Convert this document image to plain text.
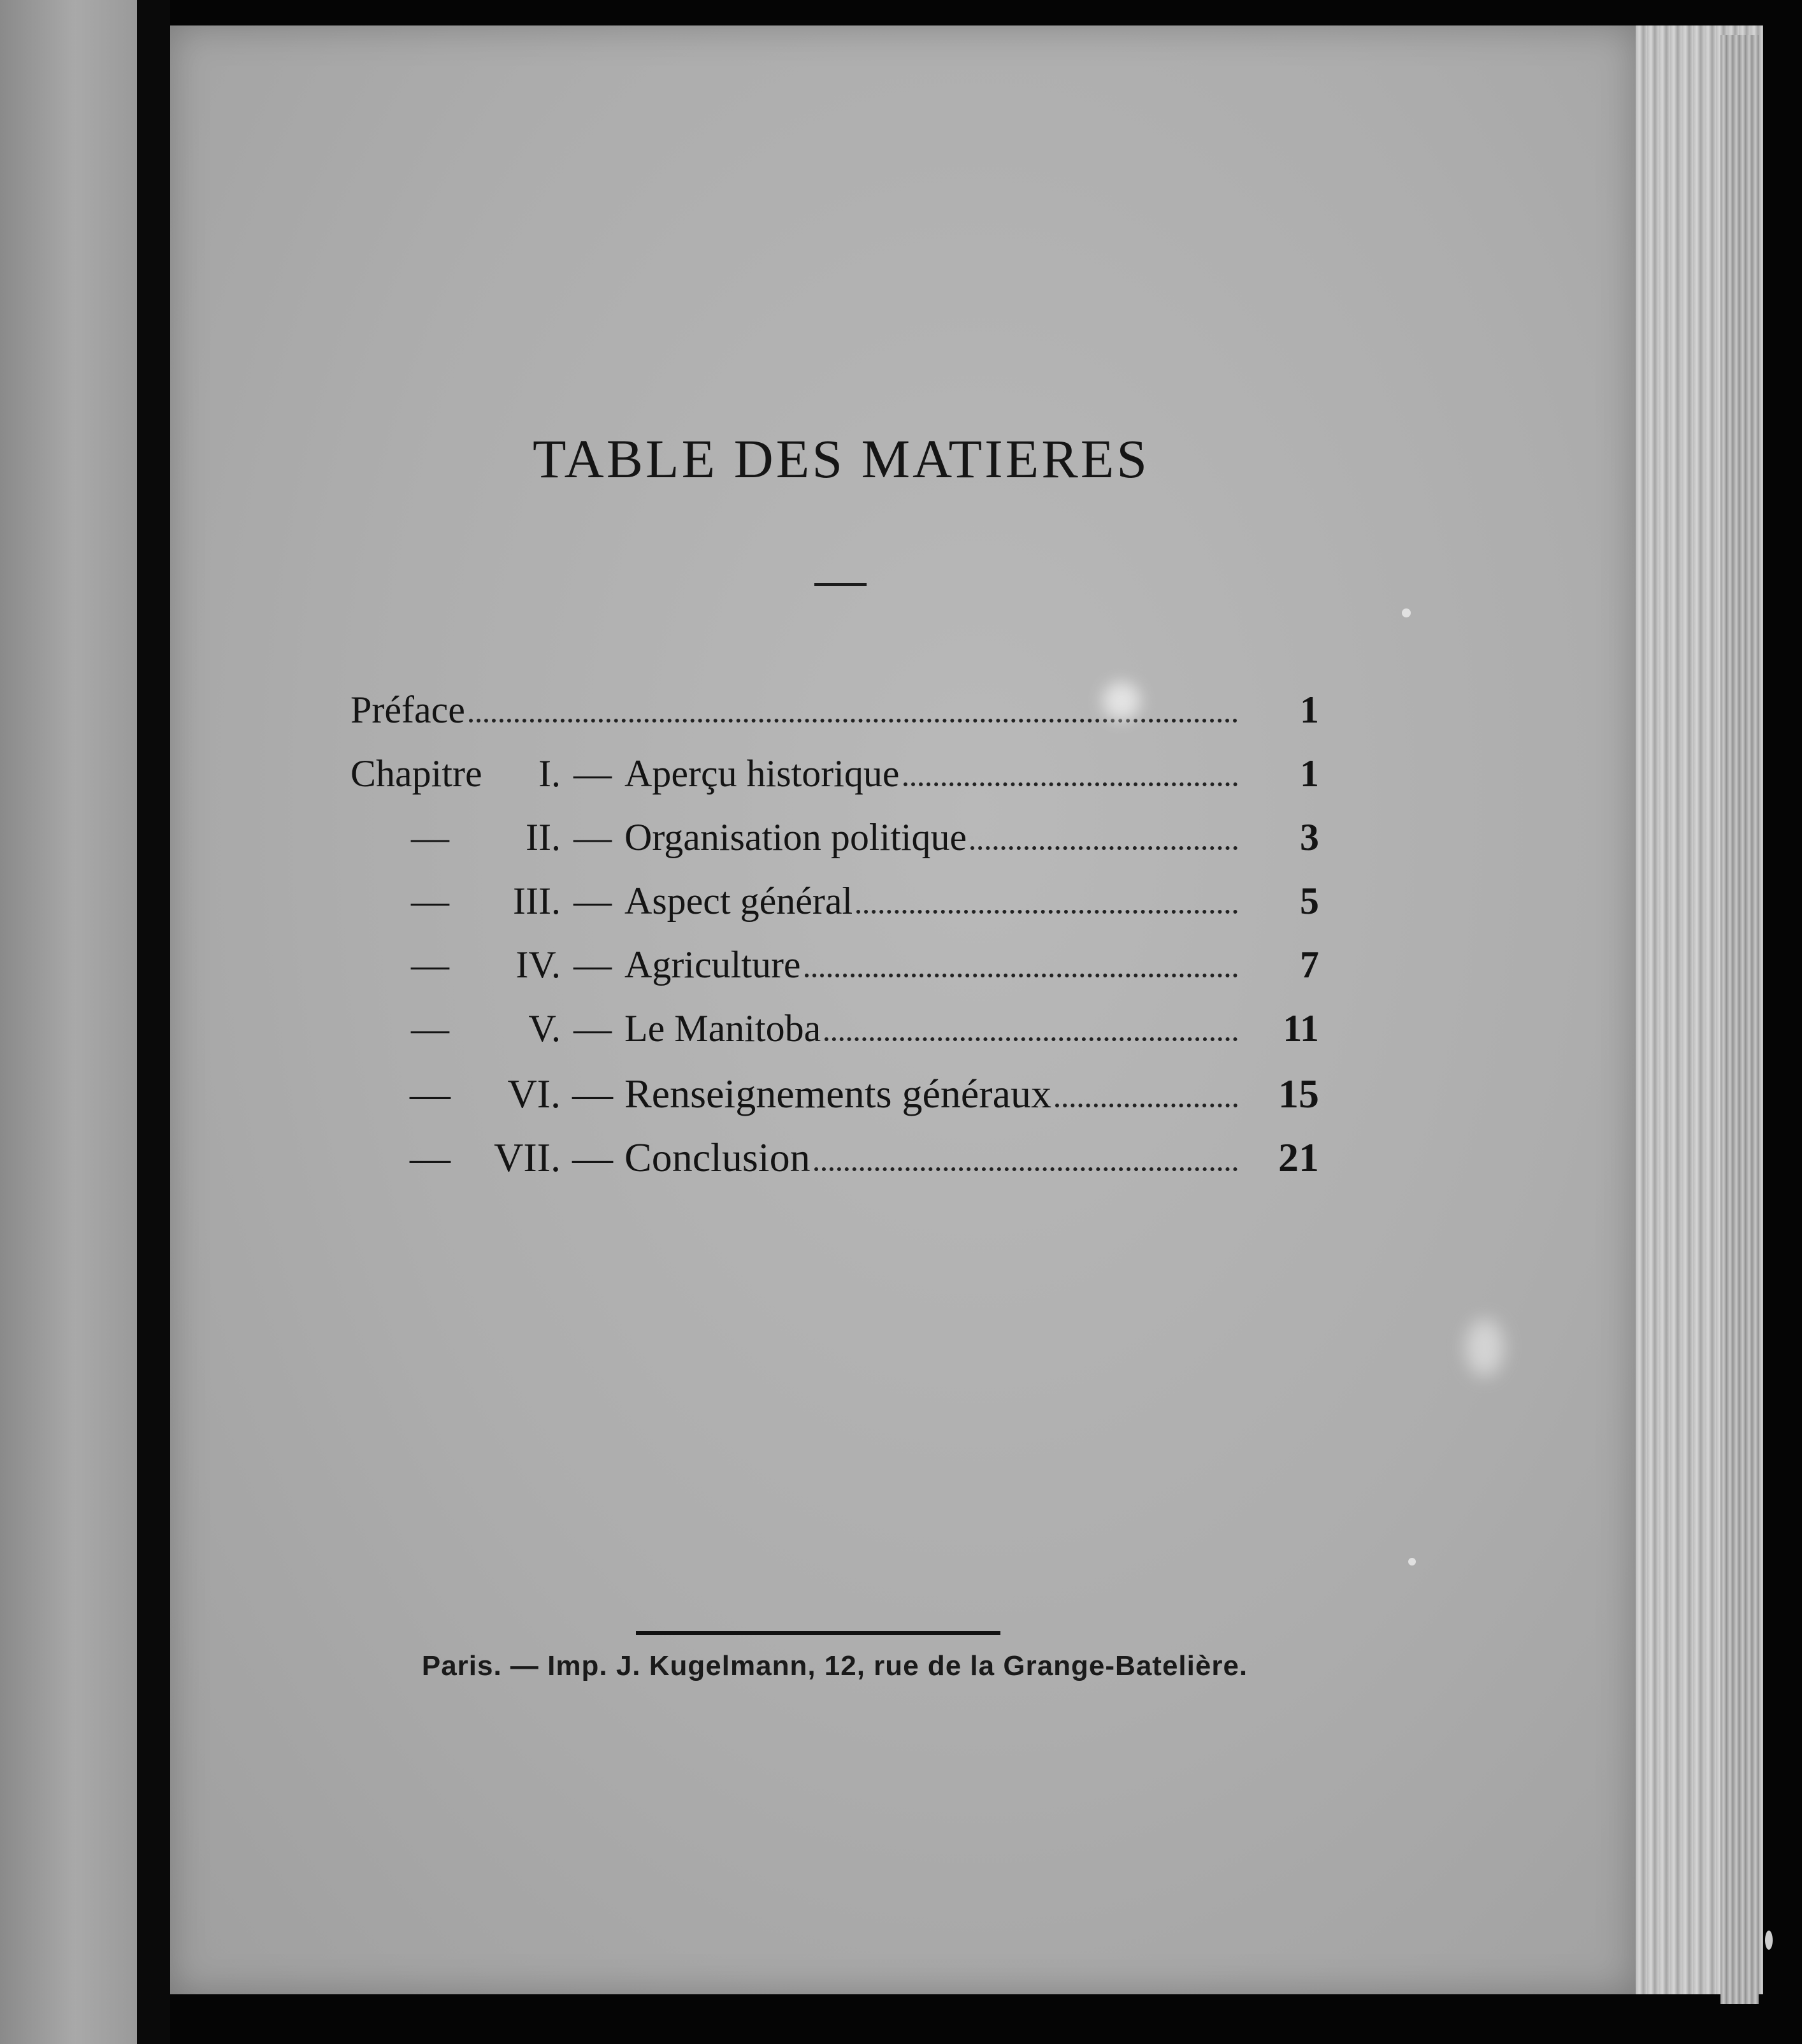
TABLE DES MATIERES
Préface	1
Chapitre	I. — Aperçu historique	1
—	II. — Organisation politique	3
—	III. — Aspect général	5
—	IV. — Agriculture	7
—	V. — Le Manitoba	11
—	VI. — Renseignements généraux	15
—	VII. — Conclusion	21
Paris. — Imp. J. Kugelmann, 12, rue de la Grange-Batelière.
